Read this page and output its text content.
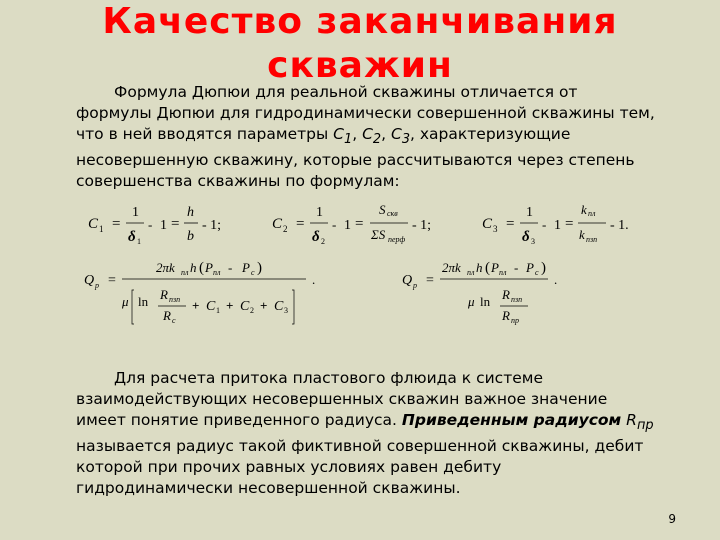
Качество заканчивания
скважин
Формула Дюпюи для реальной скважины отличается от формулы Дюпюи для гидродинамически совершенной скважины тем, что в ней вводятся параметры $C_1$, $C_2$, $C_3$, характеризующие несовершенную скважину, которые рассчитываются через степень совершенства скважины по формулам:
C 1 =
1
δ 1
- 1 =
h
b
- 1;	C 2 =
1
δ 2
- 1 =
S скв
ΣS перф
- 1;	C 3 =
1
δ 3
- 1 =
k пл
k пзп
- 1.
Q p =
2πk пл h ( P пл - P c )
.
μ ln R пзп
R c
+ C 1 + C 2 + C 3
Q p =
2πk пл h ( P пл - P c )
.
μ ln R пзп
R пр
Для расчета притока пластового флюида к системе взаимодействующих несовершенных скважин важное значение имеет понятие приведенного радиуса. Приведенным радиусом $R_{пр}$ называется радиус такой фиктивной совершенной скважины, дебит которой при прочих равных условиях равен дебиту гидродинамически несовершенной скважины.
9
